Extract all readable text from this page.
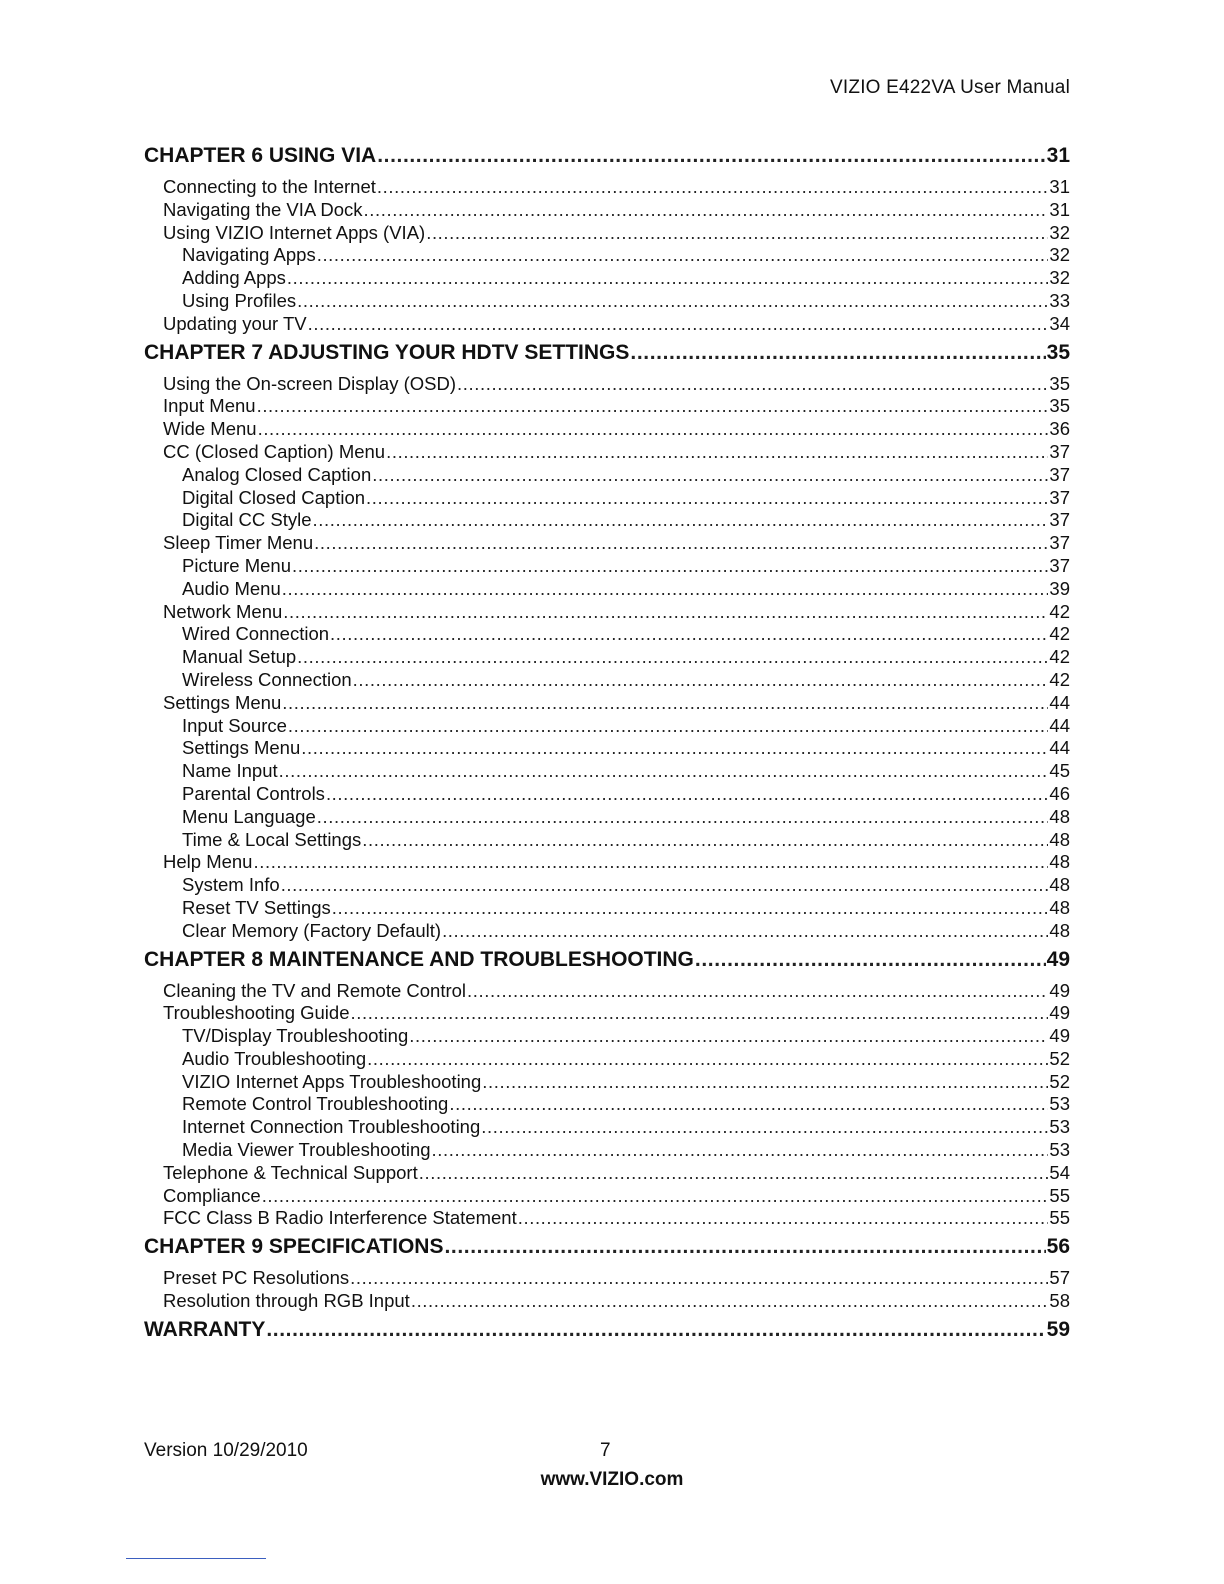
VIZIO E422VA User Manual
CHAPTER 6 USING VIA .....	31
Connecting to the Internet .....	31
Navigating the VIA Dock .....	31
Using VIZIO Internet Apps (VIA) .....	32
Navigating Apps .....	32
Adding Apps .....	32
Using Profiles .....	33
Updating your TV .....	34
CHAPTER 7 ADJUSTING YOUR HDTV SETTINGS .....	35
Using the On-screen Display (OSD) .....	35
Input Menu .....	35
Wide Menu .....	36
CC (Closed Caption) Menu .....	37
Analog Closed Caption .....	37
Digital Closed Caption .....	37
Digital CC Style .....	37
Sleep Timer Menu .....	37
Picture Menu .....	37
Audio Menu .....	39
Network Menu .....	42
Wired Connection .....	42
Manual Setup .....	42
Wireless Connection .....	42
Settings Menu .....	44
Input Source .....	44
Settings Menu .....	44
Name Input .....	45
Parental Controls .....	46
Menu Language .....	48
Time & Local Settings .....	48
Help Menu .....	48
System Info .....	48
Reset TV Settings .....	48
Clear Memory (Factory Default) .....	48
CHAPTER 8 MAINTENANCE AND TROUBLESHOOTING .....	49
Cleaning the TV and Remote Control .....	49
Troubleshooting Guide .....	49
TV/Display Troubleshooting .....	49
Audio Troubleshooting .....	52
VIZIO Internet Apps Troubleshooting .....	52
Remote Control Troubleshooting .....	53
Internet Connection Troubleshooting .....	53
Media Viewer Troubleshooting .....	53
Telephone & Technical Support .....	54
Compliance .....	55
FCC Class B Radio Interference Statement .....	55
CHAPTER 9 SPECIFICATIONS .....	56
Preset PC Resolutions .....	57
Resolution through RGB Input .....	58
WARRANTY .....	59
Version 10/29/2010	7
www.VIZIO.com
